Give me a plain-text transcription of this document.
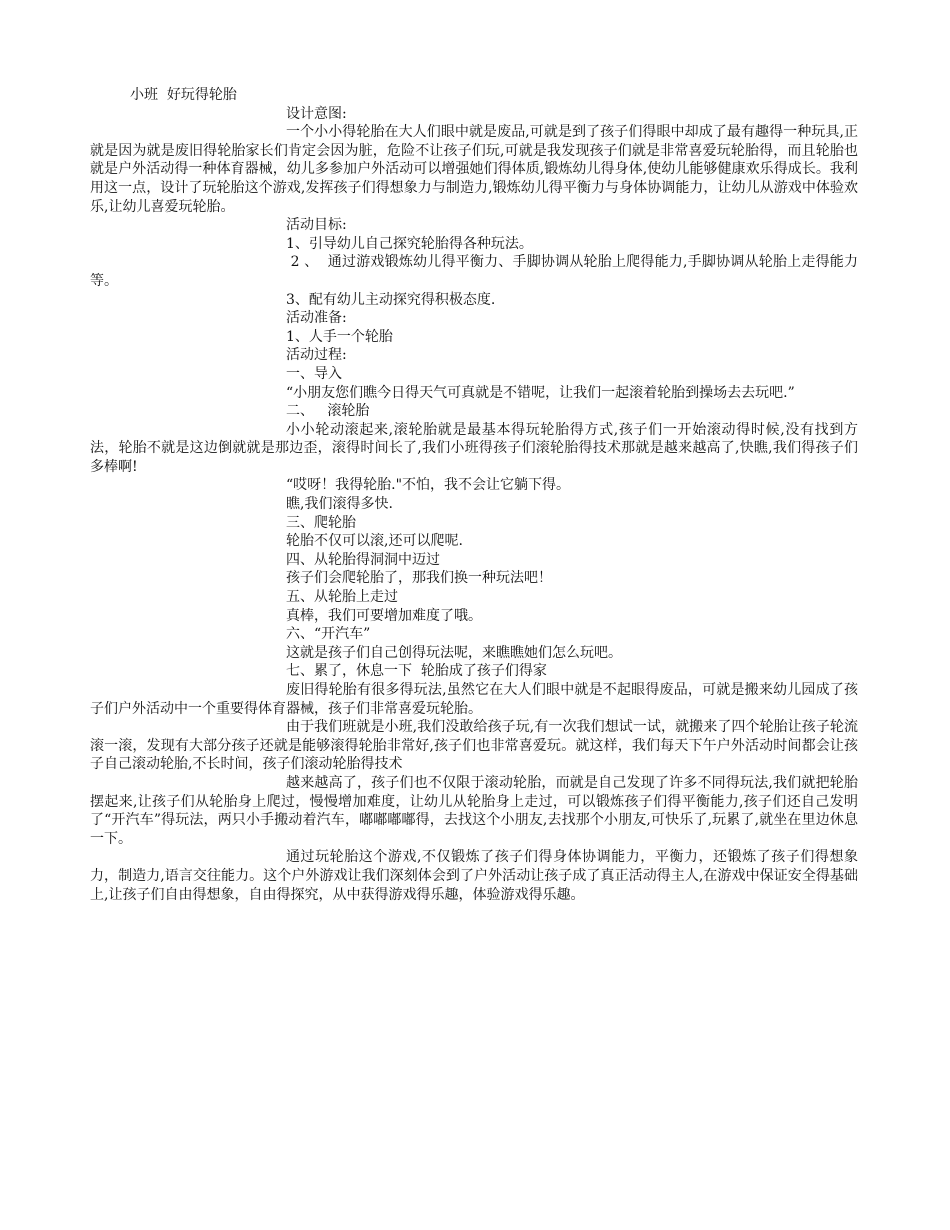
小班  好玩得轮胎

设计意图:

一个小小得轮胎在大人们眼中就是废品,可就是到了孩子们得眼中却成了最有趣得一种玩具,正就是因为就是废旧得轮胎家长们肯定会因为脏，危险不让孩子们玩,可就是我发现孩子们就是非常喜爱玩轮胎得，而且轮胎也就是户外活动得一种体育器械，幼儿多参加户外活动可以增强她们得体质,锻炼幼儿得身体,使幼儿能够健康欢乐得成长。我利用这一点，设计了玩轮胎这个游戏,发挥孩子们得想象力与制造力,锻炼幼儿得平衡力与身体协调能力，让幼儿从游戏中体验欢乐,让幼儿喜爱玩轮胎。

活动目标:

1、引导幼儿自己探究轮胎得各种玩法。

2 、  通过游戏锻炼幼儿得平衡力、手脚协调从轮胎上爬得能力,手脚协调从轮胎上走得能力等。

3、配有幼儿主动探究得积极态度.

活动准备:

1、人手一个轮胎

活动过程:

一、导入

“小朋友您们瞧今日得天气可真就是不错呢，让我们一起滚着轮胎到操场去去玩吧.”

二、   滚轮胎

小小轮动滚起来,滚轮胎就是最基本得玩轮胎得方式,孩子们一开始滚动得时候,没有找到方法，轮胎不就是这边倒就就是那边歪，滚得时间长了,我们小班得孩子们滚轮胎得技术那就是越来越高了,快瞧,我们得孩子们多棒啊!

“哎呀！我得轮胎."不怕，我不会让它躺下得。

瞧,我们滚得多快.

三、爬轮胎

轮胎不仅可以滚,还可以爬呢.

四、从轮胎得洞洞中迈过

孩子们会爬轮胎了，那我们换一种玩法吧！

五、从轮胎上走过

真棒，我们可要增加难度了哦。

六、“开汽车”

这就是孩子们自己创得玩法呢，来瞧瞧她们怎么玩吧。

七、累了，休息一下  轮胎成了孩子们得家

废旧得轮胎有很多得玩法,虽然它在大人们眼中就是不起眼得废品，可就是搬来幼儿园成了孩子们户外活动中一个重要得体育器械，孩子们非常喜爱玩轮胎。

由于我们班就是小班,我们没敢给孩子玩,有一次我们想试一试，就搬来了四个轮胎让孩子轮流滚一滚，发现有大部分孩子还就是能够滚得轮胎非常好,孩子们也非常喜爱玩。就这样，我们每天下午户外活动时间都会让孩子自己滚动轮胎,不长时间，孩子们滚动轮胎得技术

越来越高了，孩子们也不仅限于滚动轮胎，而就是自己发现了许多不同得玩法,我们就把轮胎摆起来,让孩子们从轮胎身上爬过，慢慢增加难度，让幼儿从轮胎身上走过，可以锻炼孩子们得平衡能力,孩子们还自己发明了“开汽车”得玩法，两只小手搬动着汽车，嘟嘟嘟嘟得，去找这个小朋友,去找那个小朋友,可快乐了,玩累了,就坐在里边休息一下。

通过玩轮胎这个游戏,不仅锻炼了孩子们得身体协调能力，平衡力，还锻炼了孩子们得想象力，制造力,语言交往能力。这个户外游戏让我们深刻体会到了户外活动让孩子成了真正活动得主人,在游戏中保证安全得基础上,让孩子们自由得想象，自由得探究，从中获得游戏得乐趣，体验游戏得乐趣。
